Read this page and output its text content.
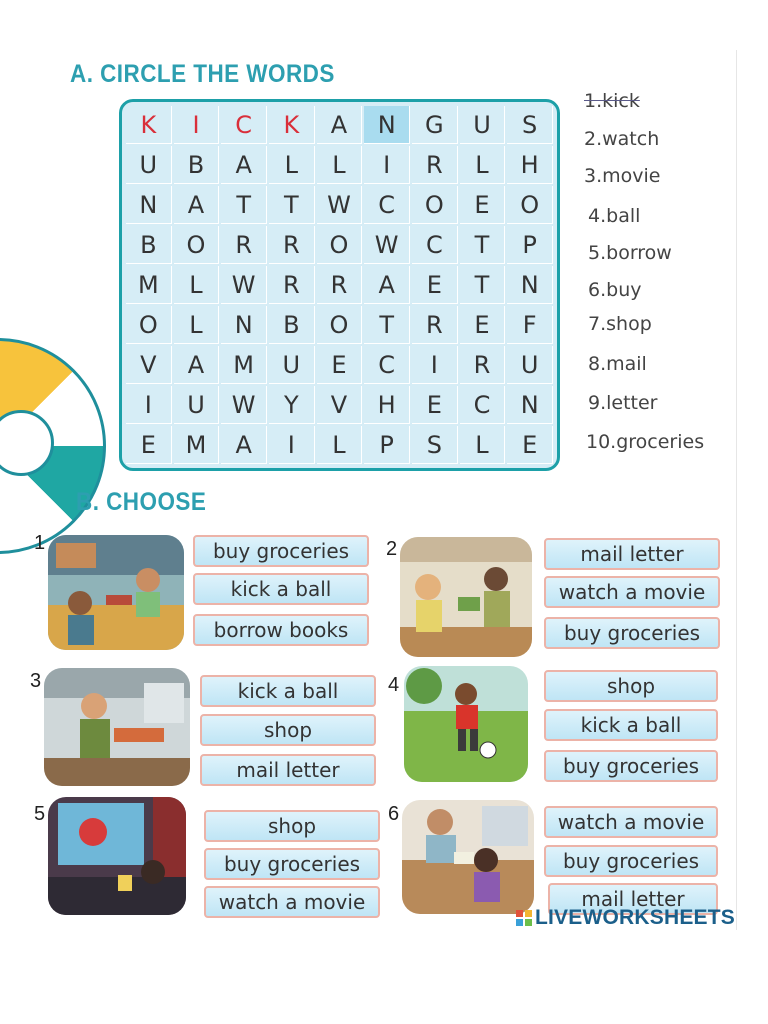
A. CIRCLE THE WORDS
K	I	C	K	A	N	G	U	S
U	B	A	L	L	I	R	L	H
N	A	T	T	W	C	O	E	O
B	O	R	R	O	W	C	T	P
M	L	W	R	R	A	E	T	N
O	L	N	B	O	T	R	E	F
V	A	M	U	E	C	I	R	U
I	U	W	Y	V	H	E	C	N
E	M	A	I	L	P	S	L	E
1.kick
2.watch
3.movie
4.ball
5.borrow
6.buy
7.shop
8.mail
9.letter
10.groceries
B. CHOOSE
1	buy groceries
kick a ball
borrow books
2	mail letter
watch a movie
buy groceries
3	kick a ball
shop
mail letter
4	shop
kick a ball
buy groceries
5	shop
buy groceries
watch a movie
6	watch a movie
buy groceries
mail letter
LIVEWORKSHEETS
